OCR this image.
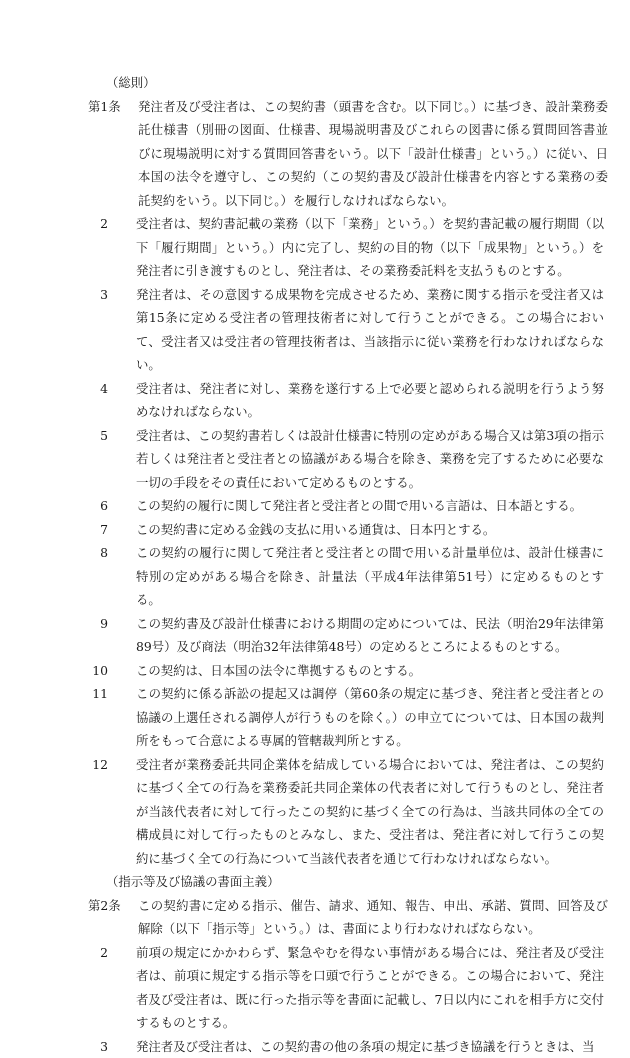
（総則）
第1条	発注者及び受注者は、この契約書（頭書を含む。以下同じ。）に基づき、設計業務委託仕様書（別冊の図面、仕様書、現場説明書及びこれらの図書に係る質問回答書並びに現場説明に対する質問回答書をいう。以下「設計仕様書」という。）に従い、日本国の法令を遵守し、この契約（この契約書及び設計仕様書を内容とする業務の委託契約をいう。以下同じ。）を履行しなければならない。
2	受注者は、契約書記載の業務（以下「業務」という。）を契約書記載の履行期間（以下「履行期間」という。）内に完了し、契約の目的物（以下「成果物」という。）を発注者に引き渡すものとし、発注者は、その業務委託料を支払うものとする。
3	発注者は、その意図する成果物を完成させるため、業務に関する指示を受注者又は第15条に定める受注者の管理技術者に対して行うことができる。この場合において、受注者又は受注者の管理技術者は、当該指示に従い業務を行わなければならない。
4	受注者は、発注者に対し、業務を遂行する上で必要と認められる説明を行うよう努めなければならない。
5	受注者は、この契約書若しくは設計仕様書に特別の定めがある場合又は第3項の指示若しくは発注者と受注者との協議がある場合を除き、業務を完了するために必要な一切の手段をその責任において定めるものとする。
6	この契約の履行に関して発注者と受注者との間で用いる言語は、日本語とする。
7	この契約書に定める金銭の支払に用いる通貨は、日本円とする。
8	この契約の履行に関して発注者と受注者との間で用いる計量単位は、設計仕様書に特別の定めがある場合を除き、計量法（平成4年法律第51号）に定めるものとする。
9	この契約書及び設計仕様書における期間の定めについては、民法（明治29年法律第89号）及び商法（明治32年法律第48号）の定めるところによるものとする。
10	この契約は、日本国の法令に準拠するものとする。
11	この契約に係る訴訟の提起又は調停（第60条の規定に基づき、発注者と受注者との協議の上選任される調停人が行うものを除く。）の申立てについては、日本国の裁判所をもって合意による専属的管轄裁判所とする。
12	受注者が業務委託共同企業体を結成している場合においては、発注者は、この契約に基づく全ての行為を業務委託共同企業体の代表者に対して行うものとし、発注者が当該代表者に対して行ったこの契約に基づく全ての行為は、当該共同体の全ての構成員に対して行ったものとみなし、また、受注者は、発注者に対して行うこの契約に基づく全ての行為について当該代表者を通じて行わなければならない。
（指示等及び協議の書面主義）
第2条	この契約書に定める指示、催告、請求、通知、報告、申出、承諾、質問、回答及び解除（以下「指示等」という。）は、書面により行わなければならない。
2	前項の規定にかかわらず、緊急やむを得ない事情がある場合には、発注者及び受注者は、前項に規定する指示等を口頭で行うことができる。この場合において、発注者及び受注者は、既に行った指示等を書面に記載し、7日以内にこれを相手方に交付するものとする。
3	発注者及び受注者は、この契約書の他の条項の規定に基づき協議を行うときは、当
